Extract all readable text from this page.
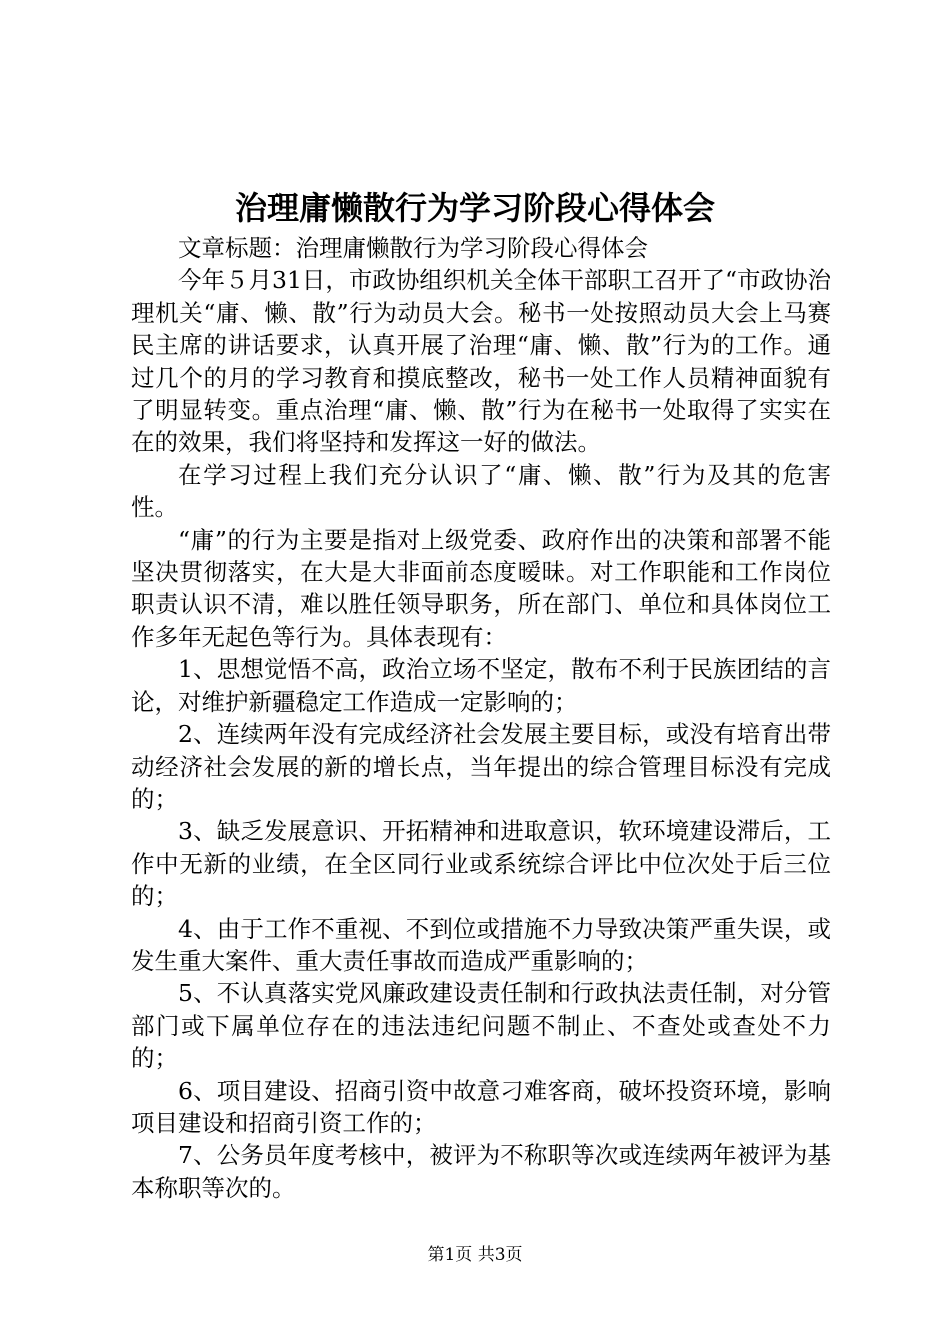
治理庸懒散行为学习阶段心得体会

文章标题：治理庸懒散行为学习阶段心得体会

今年５月31日，市政协组织机关全体干部职工召开了“市政协治理机关“庸、懒、散”行为动员大会。秘书一处按照动员大会上马赛民主席的讲话要求，认真开展了治理“庸、懒、散”行为的工作。通过几个的月的学习教育和摸底整改，秘书一处工作人员精神面貌有了明显转变。重点治理“庸、懒、散”行为在秘书一处取得了实实在在的效果，我们将坚持和发挥这一好的做法。

在学习过程上我们充分认识了“庸、懒、散”行为及其的危害性。

“庸”的行为主要是指对上级党委、政府作出的决策和部署不能坚决贯彻落实，在大是大非面前态度暧昧。对工作职能和工作岗位职责认识不清，难以胜任领导职务，所在部门、单位和具体岗位工作多年无起色等行为。具体表现有：

1、思想觉悟不高，政治立场不坚定，散布不利于民族团结的言论，对维护新疆稳定工作造成一定影响的；

2、连续两年没有完成经济社会发展主要目标，或没有培育出带动经济社会发展的新的增长点，当年提出的综合管理目标没有完成的；

3、缺乏发展意识、开拓精神和进取意识，软环境建设滞后，工作中无新的业绩，在全区同行业或系统综合评比中位次处于后三位的；

4、由于工作不重视、不到位或措施不力导致决策严重失误，或发生重大案件、重大责任事故而造成严重影响的；

5、不认真落实党风廉政建设责任制和行政执法责任制，对分管部门或下属单位存在的违法违纪问题不制止、不查处或查处不力的；

6、项目建设、招商引资中故意刁难客商，破坏投资环境，影响项目建设和招商引资工作的；

7、公务员年度考核中，被评为不称职等次或连续两年被评为基本称职等次的。

第1页 共3页
